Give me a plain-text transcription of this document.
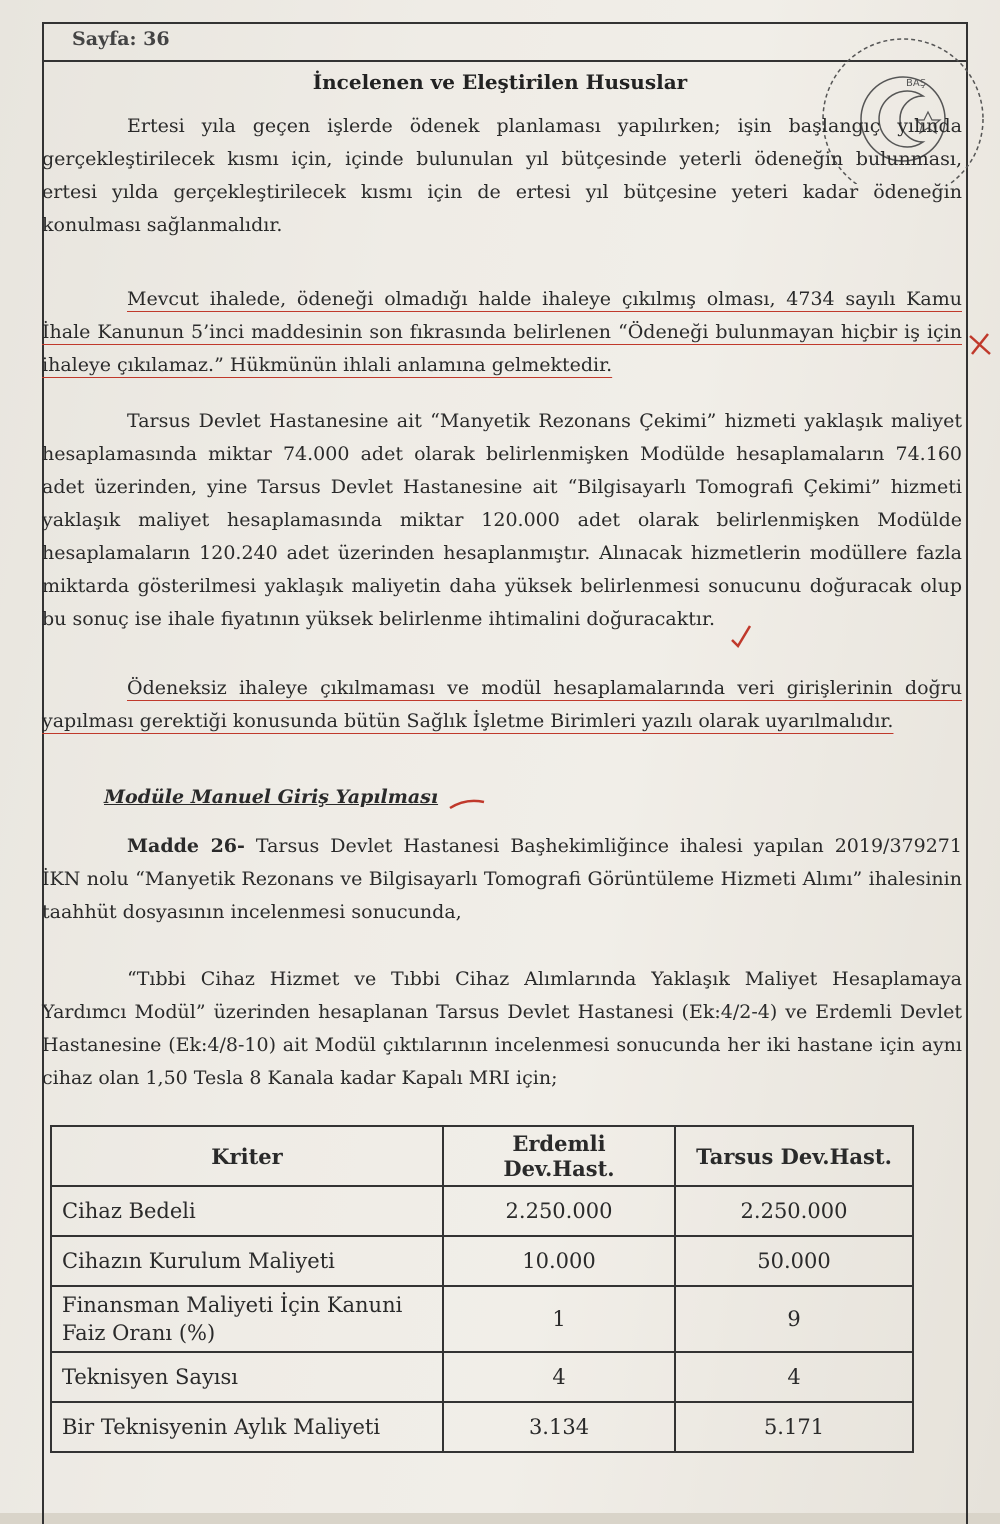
Sayfa: 36
BAŞ
İncelenen ve Eleştirilen Hususlar

Ertesi yıla geçen işlerde ödenek planlaması yapılırken; işin başlangıç yılında gerçekleştirilecek kısmı için, içinde bulunulan yıl bütçesinde yeterli ödeneğin bulunması, ertesi yılda gerçekleştirilecek kısmı için de ertesi yıl bütçesine yeteri kadar ödeneğin konulması sağlanmalıdır.

Mevcut ihalede, ödeneği olmadığı halde ihaleye çıkılmış olması, 4734 sayılı Kamu İhale Kanunun 5’inci maddesinin son fıkrasında belirlenen “Ödeneği bulunmayan hiçbir iş için ihaleye çıkılamaz.” Hükmünün ihlali anlamına gelmektedir.

Tarsus Devlet Hastanesine ait “Manyetik Rezonans Çekimi” hizmeti yaklaşık maliyet hesaplamasında miktar 74.000 adet olarak belirlenmişken Modülde hesaplamaların 74.160 adet üzerinden, yine Tarsus Devlet Hastanesine ait “Bilgisayarlı Tomografi Çekimi” hizmeti yaklaşık maliyet hesaplamasında miktar 120.000 adet olarak belirlenmişken Modülde hesaplamaların 120.240 adet üzerinden hesaplanmıştır. Alınacak hizmetlerin modüllere fazla miktarda gösterilmesi yaklaşık maliyetin daha yüksek belirlenmesi sonucunu doğuracak olup bu sonuç ise ihale fiyatının yüksek belirlenme ihtimalini doğuracaktır.

Ödeneksiz ihaleye çıkılmaması ve modül hesaplamalarında veri girişlerinin doğru yapılması gerektiği konusunda bütün Sağlık İşletme Birimleri yazılı olarak uyarılmalıdır.

Modüle Manuel Giriş Yapılması

Madde 26- Tarsus Devlet Hastanesi Başhekimliğince ihalesi yapılan 2019/379271 İKN nolu “Manyetik Rezonans ve Bilgisayarlı Tomografi Görüntüleme Hizmeti Alımı” ihalesinin taahhüt dosyasının incelenmesi sonucunda,

“Tıbbi Cihaz Hizmet ve Tıbbi Cihaz Alımlarında Yaklaşık Maliyet Hesaplamaya Yardımcı Modül” üzerinden hesaplanan Tarsus Devlet Hastanesi (Ek:4/2-4) ve Erdemli Devlet Hastanesine (Ek:4/8-10) ait Modül çıktılarının incelenmesi sonucunda her iki hastane için aynı cihaz olan 1,50 Tesla 8 Kanala kadar Kapalı MRI için;

Kriter	Erdemli Dev.Hast.	Tarsus Dev.Hast.
Cihaz Bedeli	2.250.000	2.250.000
Cihazın Kurulum Maliyeti	10.000	50.000
Finansman Maliyeti İçin Kanuni Faiz Oranı (%)	1	9
Teknisyen Sayısı	4	4
Bir Teknisyenin Aylık Maliyeti	3.134	5.171
